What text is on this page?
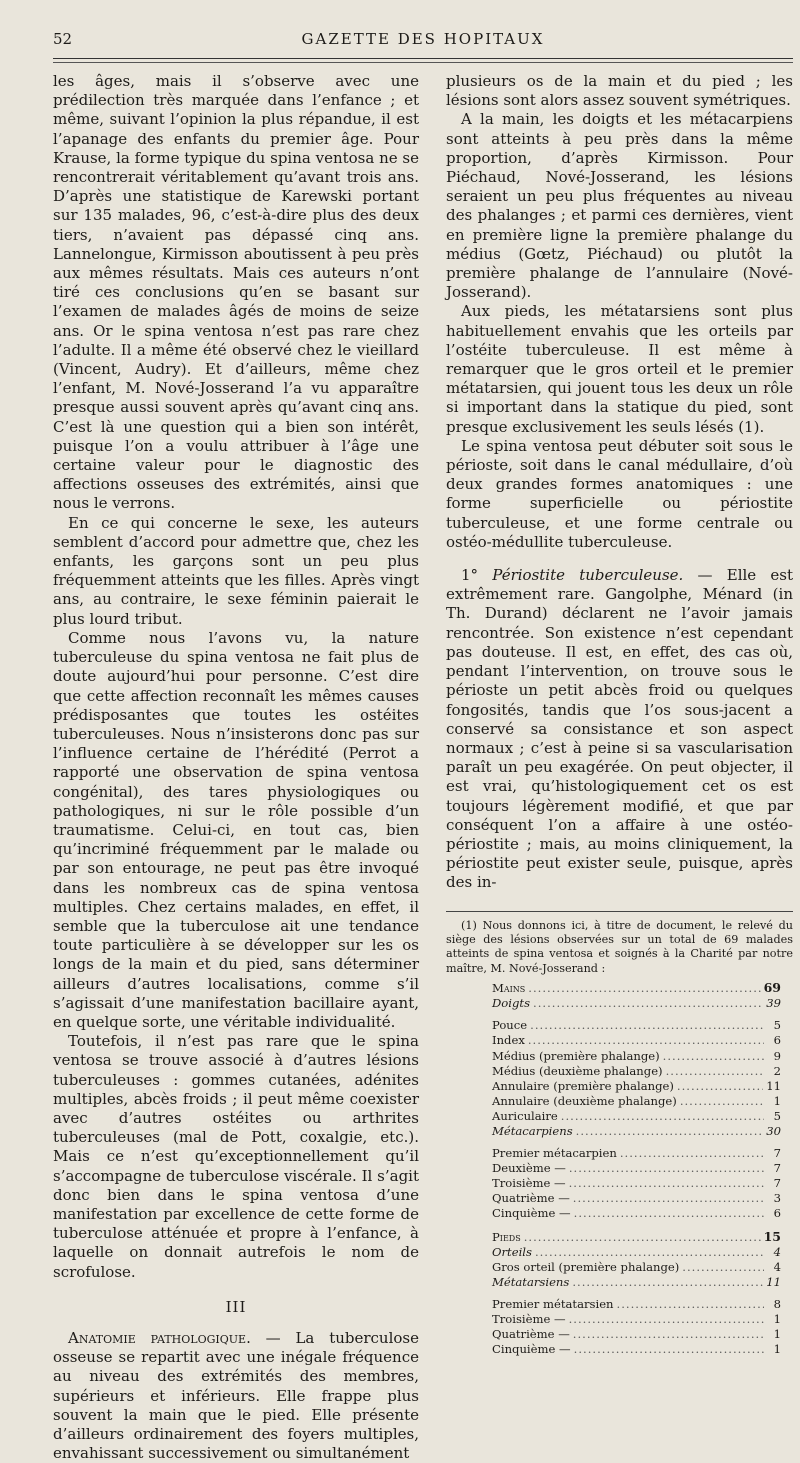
52	GAZETTE DES HOPITAUX

les âges, mais il s’observe avec une prédilection très marquée dans l’enfance ; et même, suivant l’opinion la plus répandue, il est l’apanage des enfants du premier âge. Pour Krause, la forme typique du spina ventosa ne se rencontrerait véritablement qu’avant trois ans. D’après une statistique de Karewski portant sur 135 malades, 96, c’est-à-dire plus des deux tiers, n’avaient pas dépassé cinq ans. Lannelongue, Kirmisson aboutissent à peu près aux mêmes résultats. Mais ces auteurs n’ont tiré ces conclusions qu’en se basant sur l’examen de malades âgés de moins de seize ans. Or le spina ventosa n’est pas rare chez l’adulte. Il a même été observé chez le vieillard (Vincent, Audry). Et d’ailleurs, même chez l’enfant, M. Nové-Josserand l’a vu apparaître presque aussi souvent après qu’avant cinq ans. C’est là une question qui a bien son intérêt, puisque l’on a voulu attribuer à l’âge une certaine valeur pour le diagnostic des affections osseuses des extrémités, ainsi que nous le verrons.

En ce qui concerne le sexe, les auteurs semblent d’accord pour admettre que, chez les enfants, les garçons sont un peu plus fréquemment atteints que les filles. Après vingt ans, au contraire, le sexe féminin paierait le plus lourd tribut.

Comme nous l’avons vu, la nature tuberculeuse du spina ventosa ne fait plus de doute aujourd’hui pour personne. C’est dire que cette affection reconnaît les mêmes causes prédisposantes que toutes les ostéites tuberculeuses. Nous n’insisterons donc pas sur l’influence certaine de l’hérédité (Perrot a rapporté une observation de spina ventosa congénital), des tares physiologiques ou pathologiques, ni sur le rôle possible d’un traumatisme. Celui-ci, en tout cas, bien qu’incriminé fréquemment par le malade ou par son entourage, ne peut pas être invoqué dans les nombreux cas de spina ventosa multiples. Chez certains malades, en effet, il semble que la tuberculose ait une tendance toute particulière à se développer sur les os longs de la main et du pied, sans déterminer ailleurs d’autres localisations, comme s’il s’agissait d’une manifestation bacillaire ayant, en quelque sorte, une véritable individualité.

Toutefois, il n’est pas rare que le spina ventosa se trouve associé à d’autres lésions tuberculeuses : gommes cutanées, adénites multiples, abcès froids ; il peut même coexister avec d’autres ostéites ou arthrites tuberculeuses (mal de Pott, coxalgie, etc.). Mais ce n’est qu’exceptionnellement qu’il s’accompagne de tuberculose viscérale. Il s’agit donc bien dans le spina ventosa d’une manifestation par excellence de cette forme de tuberculose atténuée et propre à l’enfance, à laquelle on donnait autrefois le nom de scrofulose.

III

Anatomie pathologique. — La tuberculose osseuse se repartit avec une inégale fréquence au niveau des extrémités des membres, supérieurs et inférieurs. Elle frappe plus souvent la main que le pied. Elle présente d’ailleurs ordinairement des foyers multiples, envahissant successivement ou simultanément

plusieurs os de la main et du pied ; les lésions sont alors assez souvent symétriques.

A la main, les doigts et les métacarpiens sont atteints à peu près dans la même proportion, d’après Kirmisson. Pour Piéchaud, Nové-Josserand, les lésions seraient un peu plus fréquentes au niveau des phalanges ; et parmi ces dernières, vient en première ligne la première phalange du médius (Gœtz, Piéchaud) ou plutôt la première phalange de l’annulaire (Nové-Josserand).

Aux pieds, les métatarsiens sont plus habituellement envahis que les orteils par l’ostéite tuberculeuse. Il est même à remarquer que le gros orteil et le premier métatarsien, qui jouent tous les deux un rôle si important dans la statique du pied, sont presque exclusivement les seuls lésés (1).

Le spina ventosa peut débuter soit sous le périoste, soit dans le canal médullaire, d’où deux grandes formes anatomiques : une forme superficielle ou périostite tuberculeuse, et une forme centrale ou ostéo-médullite tuberculeuse.

1° Périostite tuberculeuse. — Elle est extrêmement rare. Gangolphe, Ménard (in Th. Durand) déclarent ne l’avoir jamais rencontrée. Son existence n’est cependant pas douteuse. Il est, en effet, des cas où, pendant l’intervention, on trouve sous le périoste un petit abcès froid ou quelques fongosités, tandis que l’os sous-jacent a conservé sa consistance et son aspect normaux ; c’est à peine si sa vascularisation paraît un peu exagérée. On peut objecter, il est vrai, qu’histologiquement cet os est toujours légèrement modifié, et que par conséquent l’on a affaire à une ostéo-périostite ; mais, au moins cliniquement, la périostite peut exister seule, puisque, après des in-

(1) Nous donnons ici, à titre de document, le relevé du siège des lésions observées sur un total de 69 malades atteints de spina ventosa et soignés à la Charité par notre maître, M. Nové-Josserand :
Mains .....	69
Doigts .....	39
Pouce .....	5
Index .....	6
Médius (première phalange) .....	9
Médius (deuxième phalange) .....	2
Annulaire (première phalange) .....	11
Annulaire (deuxième phalange) .....	1
Auriculaire .....	5
Métacarpiens .....	30
Premier métacarpien .....	7
Deuxième — .....	7
Troisième — .....	7
Quatrième — .....	3
Cinquième — .....	6
Pieds .....	15
Orteils .....	4
Gros orteil (première phalange) .....	4
Métatarsiens .....	11
Premier métatarsien .....	8
Troisième — .....	1
Quatrième — .....	1
Cinquième — .....	1
